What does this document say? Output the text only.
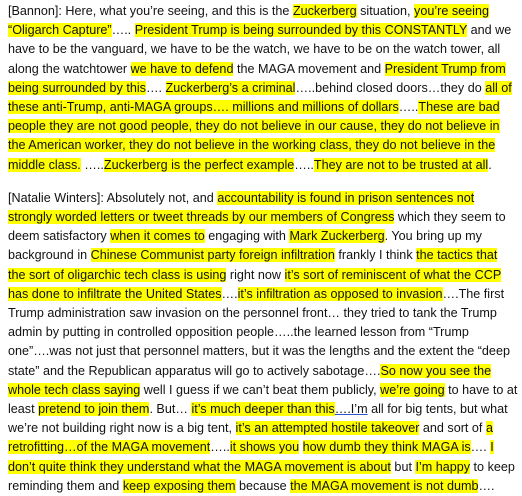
[Bannon]: Here, what you’re seeing, and this is the Zuckerberg situation, you’re seeing “Oligarch Capture”….. President Trump is being surrounded by this CONSTANTLY and we have to be the vanguard, we have to be the watch, we have to be on the watch tower, all along the watchtower we have to defend the MAGA movement and President Trump from being surrounded by this…. Zuckerberg’s a criminal…..behind closed doors…they do all of these anti-Trump, anti-MAGA groups…. millions and millions of dollars…..These are bad people they are not good people, they do not believe in our cause, they do not believe in the American worker, they do not believe in the working class, they do not believe in the middle class. …..Zuckerberg is the perfect example…..They are not to be trusted at all.

[Natalie Winters]: Absolutely not, and accountability is found in prison sentences not strongly worded letters or tweet threads by our members of Congress which they seem to deem satisfactory when it comes to engaging with Mark Zuckerberg. You bring up my background in Chinese Communist party foreign infiltration frankly I think the tactics that the sort of oligarchic tech class is using right now it’s sort of reminiscent of what the CCP has done to infiltrate the United States….it’s infiltration as opposed to invasion….The first Trump administration saw invasion on the personnel front… they tried to tank the Trump admin by putting in controlled opposition people…..the learned lesson from “Trump one”….was not just that personnel matters, but it was the lengths and the extent the “deep state” and the Republican apparatus will go to actively sabotage….So now you see the whole tech class saying well I guess if we can’t beat them publicly, we’re going to have to at least pretend to join them. But… it’s much deeper than this….I’m all for big tents, but what we’re not building right now is a big tent, it’s an attempted hostile takeover and sort of a retrofitting…of the MAGA movement…..it shows you how dumb they think MAGA is…. I don’t quite think they understand what the MAGA movement is about but I’m happy to keep reminding them and keep exposing them because the MAGA movement is not dumb….
